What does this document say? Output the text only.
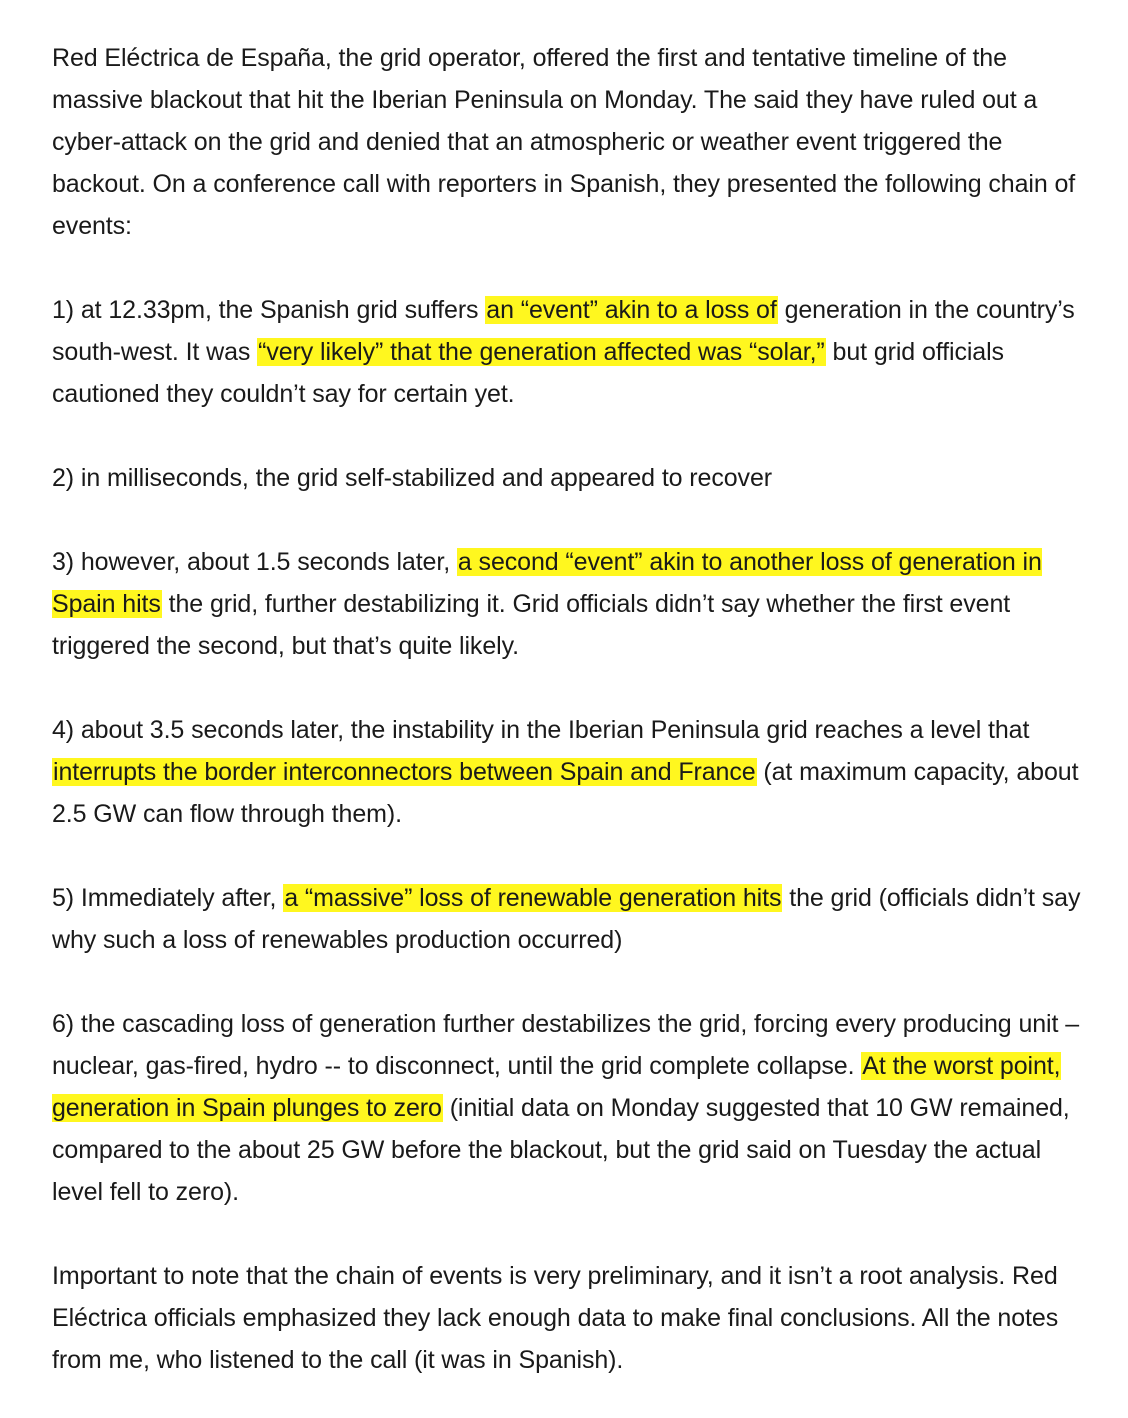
Red Eléctrica de España, the grid operator, offered the first and tentative timeline of the massive blackout that hit the Iberian Peninsula on Monday. The said they have ruled out a cyber-attack on the grid and denied that an atmospheric or weather event triggered the backout. On a conference call with reporters in Spanish, they presented the following chain of events:

1) at 12.33pm, the Spanish grid suffers an “event” akin to a loss of generation in the country’s south-west. It was “very likely” that the generation affected was “solar,” but grid officials cautioned they couldn’t say for certain yet.

2) in milliseconds, the grid self-stabilized and appeared to recover

3) however, about 1.5 seconds later, a second “event” akin to another loss of generation in Spain hits the grid, further destabilizing it. Grid officials didn’t say whether the first event triggered the second, but that’s quite likely.

4) about 3.5 seconds later, the instability in the Iberian Peninsula grid reaches a level that interrupts the border interconnectors between Spain and France (at maximum capacity, about 2.5 GW can flow through them).

5) Immediately after, a “massive” loss of renewable generation hits the grid (officials didn’t say why such a loss of renewables production occurred)

6) the cascading loss of generation further destabilizes the grid, forcing every producing unit – nuclear, gas-fired, hydro -- to disconnect, until the grid complete collapse. At the worst point, generation in Spain plunges to zero (initial data on Monday suggested that 10 GW remained, compared to the about 25 GW before the blackout, but the grid said on Tuesday the actual level fell to zero).

Important to note that the chain of events is very preliminary, and it isn’t a root analysis. Red Eléctrica officials emphasized they lack enough data to make final conclusions. All the notes from me, who listened to the call (it was in Spanish).
